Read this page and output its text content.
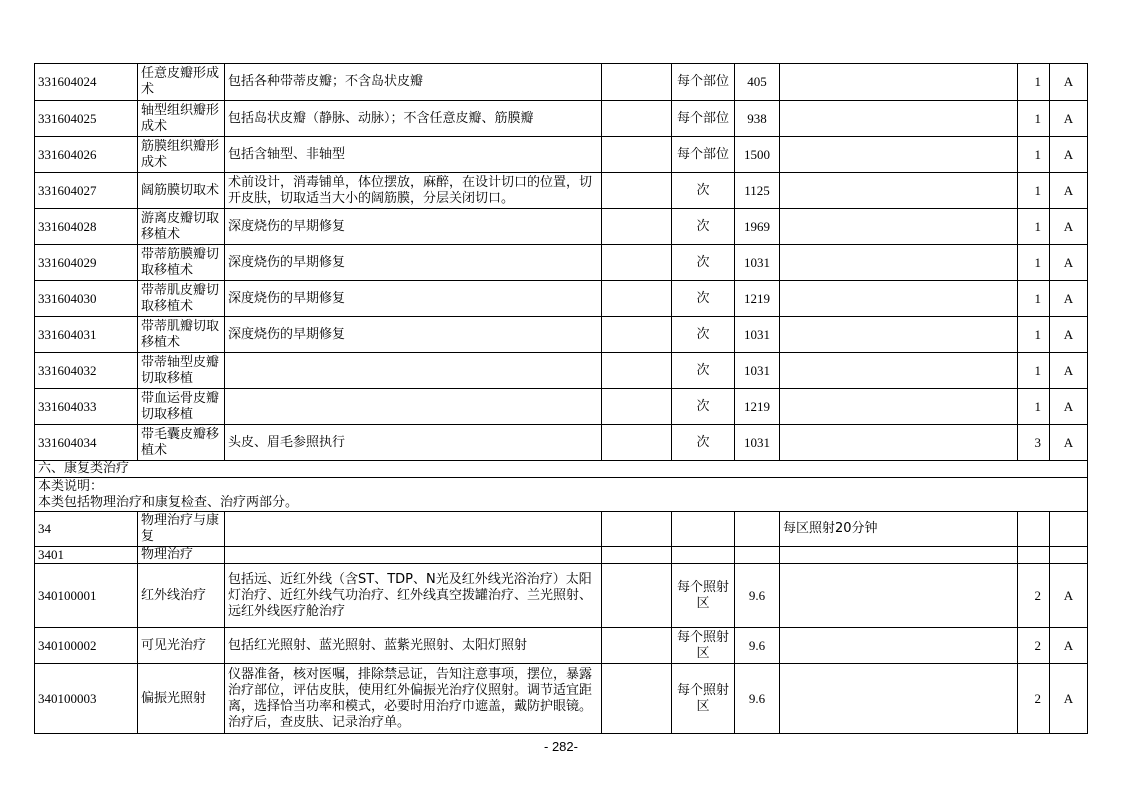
331604024	任意皮瓣形成术	包括各种带蒂皮瓣；不含岛状皮瓣		每个部位	405		1	A
331604025	轴型组织瓣形成术	包括岛状皮瓣（静脉、动脉）；不含任意皮瓣、筋膜瓣		每个部位	938		1	A
331604026	筋膜组织瓣形成术	包括含轴型、非轴型		每个部位	1500		1	A
331604027	阔筋膜切取术	术前设计，消毒铺单，体位摆放，麻醉，在设计切口的位置，切开皮肤，切取适当大小的阔筋膜，分层关闭切口。		次	1125		1	A
331604028	游离皮瓣切取移植术	深度烧伤的早期修复		次	1969		1	A
331604029	带蒂筋膜瓣切取移植术	深度烧伤的早期修复		次	1031		1	A
331604030	带蒂肌皮瓣切取移植术	深度烧伤的早期修复		次	1219		1	A
331604031	带蒂肌瓣切取移植术	深度烧伤的早期修复		次	1031		1	A
331604032	带蒂轴型皮瓣切取移植			次	1031		1	A
331604033	带血运骨皮瓣切取移植			次	1219		1	A
331604034	带毛囊皮瓣移植术	头皮、眉毛参照执行		次	1031		3	A
六、康复类治疗								

本类说明：
本类包括物理治疗和康复检查、治疗两部分。								

34	物理治疗与康复					每区照射20分钟		
3401	物理治疗							
340100001	红外线治疗	包括远、近红外线（含ST、TDP、N光及红外线光浴治疗）太阳灯治疗、近红外线气功治疗、红外线真空拨罐治疗、兰光照射、远红外线医疗舱治疗		每个照射区	9.6		2	A
340100002	可见光治疗	包括红光照射、蓝光照射、蓝紫光照射、太阳灯照射		每个照射区	9.6		2	A
340100003	偏振光照射	仪器准备，核对医嘱，排除禁忌证，告知注意事项，摆位，暴露治疗部位，评估皮肤，使用红外偏振光治疗仪照射。调节适宜距离，选择恰当功率和模式，必要时用治疗巾遮盖，戴防护眼镜。治疗后，查皮肤、记录治疗单。		每个照射区	9.6		2	A
- 282-
